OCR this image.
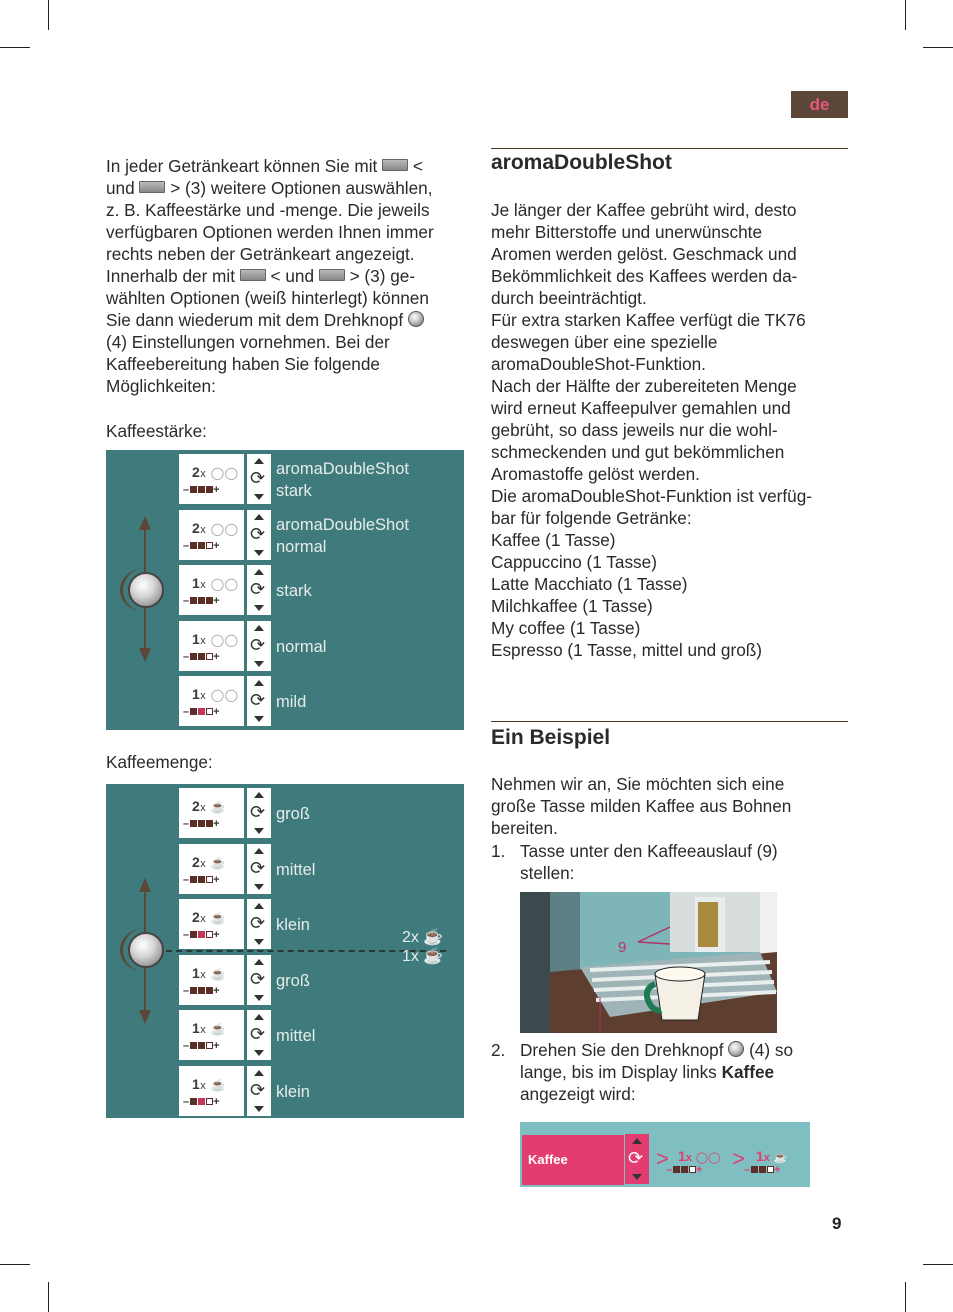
de

In jeder Getränkeart können Sie mit <
und > (3) weitere Optionen auswählen,
z. B. Kaffeestärke und -menge. Die jeweils
verfügbaren Optionen werden Ihnen immer
rechts neben der Getränkeart angezeigt.
Innerhalb der mit < und > (3) ge-
wählten Optionen (weiß hinterlegt) können
Sie dann wiederum mit dem Drehknopf
(4) Einstellungen vornehmen. Bei der
Kaffeebereitung haben Sie folgende
Möglichkeiten:

Kaffeestärke:

2x ◯◯
– +
⟳ aromaDoubleShot
stark
2x ◯◯
– +
⟳ aromaDoubleShot
normal
1x ◯◯
– +
⟳ stark
1x ◯◯
– +
⟳ normal
1x ◯◯
– +
⟳ mild

Kaffeemenge:

2x ☕
1x ☕
2x ☕
– +
⟳ groß
2x ☕
– +
⟳ mittel
2x ☕
– +
⟳ klein
1x ☕
– +
⟳ groß
1x ☕
– +
⟳ mittel
1x ☕
– +
⟳ klein
aromaDoubleShot
Je länger der Kaffee gebrüht wird, desto
mehr Bitterstoffe und unerwünschte
Aromen werden gelöst. Geschmack und
Bekömmlichkeit des Kaffees werden da-
durch beeinträchtigt.
Für extra starken Kaffee verfügt die TK76
deswegen über eine spezielle
aromaDoubleShot-Funktion.
Nach der Hälfte der zubereiteten Menge
wird erneut Kaffeepulver gemahlen und
gebrüht, so dass jeweils nur die wohl-
schmeckenden und gut bekömmlichen
Aromastoffe gelöst werden.
Die aromaDoubleShot-Funktion ist verfüg-
bar für folgende Getränke:
Kaffee (1 Tasse)
Cappuccino (1 Tasse)
Latte Macchiato (1 Tasse)
Milchkaffee (1 Tasse)
My coffee (1 Tasse)
Espresso (1 Tasse, mittel und groß)
Ein Beispiel
Nehmen wir an, Sie möchten sich eine
große Tasse milden Kaffee aus Bohnen
bereiten.
1. Tasse unter den Kaffeeauslauf (9)
stellen:
9
2. Drehen Sie den Drehknopf (4) so
lange, bis im Display links Kaffee
angezeigt wird:
Kaffee	⟳ > 1x ◯◯
– + > 1x ☕
– +
9
